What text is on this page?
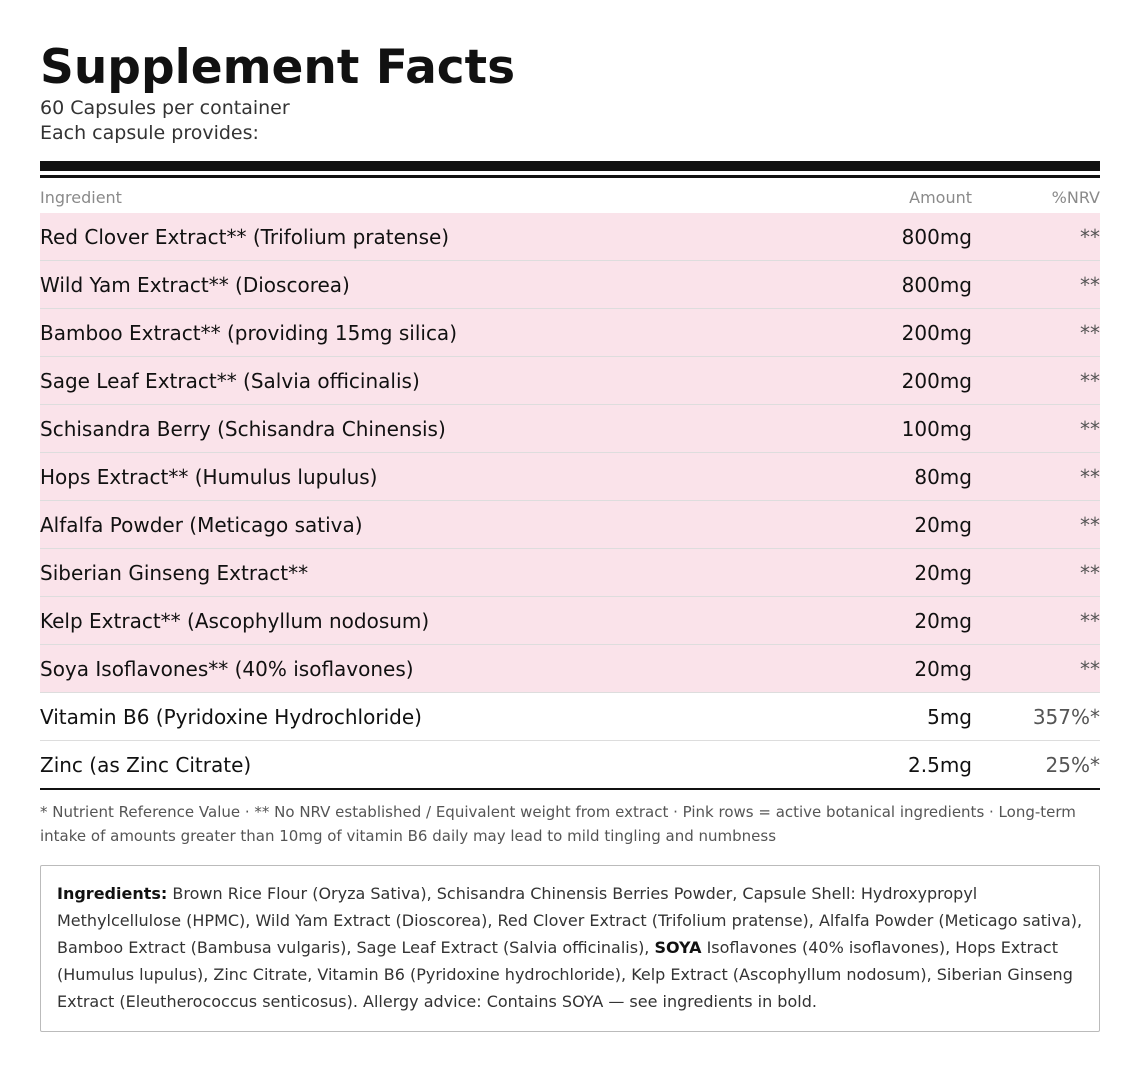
Supplement Facts
60 Capsules per container
Each capsule provides:
Ingredient	Amount	%NRV
Red Clover Extract** (Trifolium pratense)	800mg	**
Wild Yam Extract** (Dioscorea)	800mg	**
Bamboo Extract** (providing 15mg silica)	200mg	**
Sage Leaf Extract** (Salvia officinalis)	200mg	**
Schisandra Berry (Schisandra Chinensis)	100mg	**
Hops Extract** (Humulus lupulus)	80mg	**
Alfalfa Powder (Meticago sativa)	20mg	**
Siberian Ginseng Extract**	20mg	**
Kelp Extract** (Ascophyllum nodosum)	20mg	**
Soya Isoflavones** (40% isoflavones)	20mg	**
Vitamin B6 (Pyridoxine Hydrochloride)	5mg	357%*
Zinc (as Zinc Citrate)	2.5mg	25%*
* Nutrient Reference Value · ** No NRV established / Equivalent weight from extract · Pink rows = active botanical ingredients · Long-term intake of amounts greater than 10mg of vitamin B6 daily may lead to mild tingling and numbness
Ingredients: Brown Rice Flour (Oryza Sativa), Schisandra Chinensis Berries Powder, Capsule Shell: Hydroxypropyl Methylcellulose (HPMC), Wild Yam Extract (Dioscorea), Red Clover Extract (Trifolium pratense), Alfalfa Powder (Meticago sativa), Bamboo Extract (Bambusa vulgaris), Sage Leaf Extract (Salvia officinalis), SOYA Isoflavones (40% isoflavones), Hops Extract (Humulus lupulus), Zinc Citrate, Vitamin B6 (Pyridoxine hydrochloride), Kelp Extract (Ascophyllum nodosum), Siberian Ginseng Extract (Eleutherococcus senticosus). Allergy advice: Contains SOYA — see ingredients in bold.
